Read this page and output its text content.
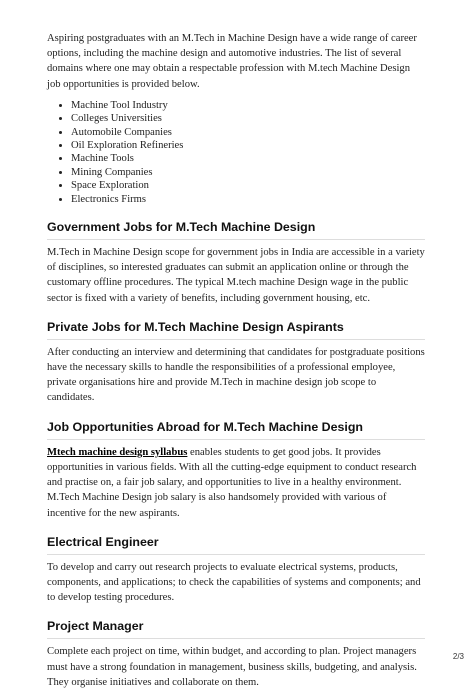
Aspiring postgraduates with an M.Tech in Machine Design have a wide range of career options, including the machine design and automotive industries. The list of several domains where one may obtain a respectable profession with M.tech Machine Design job opportunities is provided below.

• Machine Tool Industry
• Colleges Universities
• Automobile Companies
• Oil Exploration Refineries
• Machine Tools
• Mining Companies
• Space Exploration
• Electronics Firms
Government Jobs for M.Tech Machine Design

M.Tech in Machine Design scope for government jobs in India are accessible in a variety of disciplines, so interested graduates can submit an application online or through the customary offline procedures. The typical M.tech machine Design wage in the public sector is fixed with a variety of benefits, including government housing, etc.

Private Jobs for M.Tech Machine Design Aspirants

After conducting an interview and determining that candidates for postgraduate positions have the necessary skills to handle the responsibilities of a professional employee, private organisations hire and provide M.Tech in machine design job scope to candidates.

Job Opportunities Abroad for M.Tech Machine Design

Mtech machine design syllabus enables students to get good jobs. It provides opportunities in various fields. With all the cutting-edge equipment to conduct research and practise on, a fair job salary, and opportunities to live in a healthy environment. M.Tech Machine Design job salary is also handsomely provided with various of incentive for the new aspirants.

Electrical Engineer

To develop and carry out research projects to evaluate electrical systems, products, components, and applications; to check the capabilities of systems and components; and to develop testing procedures.

Project Manager

Complete each project on time, within budget, and according to plan. Project managers must have a strong foundation in management, business skills, budgeting, and analysis. They organise initiatives and collaborate on them.

2/3
